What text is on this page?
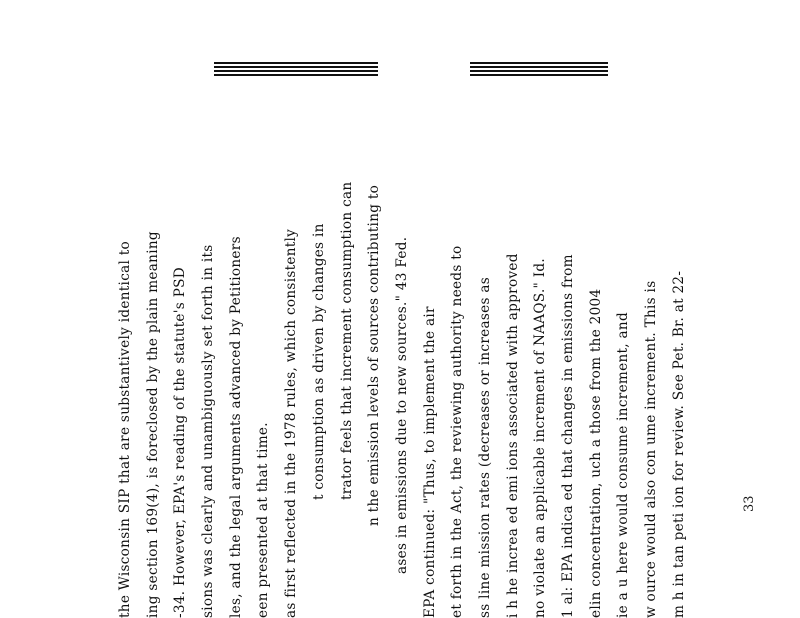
the Wisconsin SIP that are substantively identical to ing section 169(4), is foreclosed by the plain meaning -34. However, EPA's reading of the statute's PSD sions was clearly and unambiguously set forth in its les, and the legal arguments advanced by Petitioners een presented at that time. as first reflected in the 1978 rules, which consistently t consumption as driven by changes in trator feels that increment consumption can n the emission levels of sources contributing to ases in emissions due to new sources." 43 Fed. EPA continued: "Thus, to implement the air et forth in the Act, the reviewing authority needs to ss line mission rates (decreases or increases as i h he increa ed emi ions associated with approved no violate an applicable increment of NAAQS." Id. 1 al: EPA indica ed that changes in emissions from elin concentration, uch a those from the 2004 ie a u here would consume increment, and w ource would also con ume increment. This is m h in tan peti ion for review. See Pet. Br. at 22-	33
